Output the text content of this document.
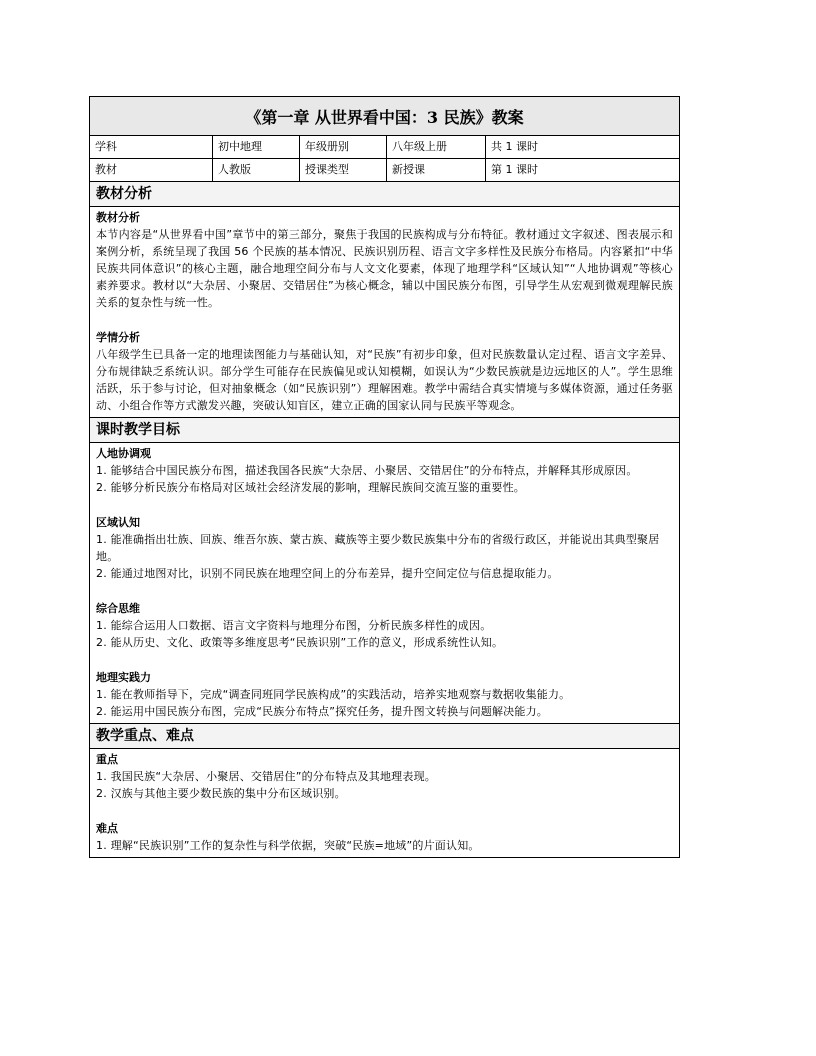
《第一章 从世界看中国：3 民族》教案
学科	初中地理	年级册别	八年级上册	共 1 课时
教材	人教版	授课类型	新授课	第 1 课时
教材分析
教材分析

本节内容是“从世界看中国”章节中的第三部分，聚焦于我国的民族构成与分布特征。教材通过文字叙述、图表展示和案例分析，系统呈现了我国 56 个民族的基本情况、民族识别历程、语言文字多样性及民族分布格局。内容紧扣“中华民族共同体意识”的核心主题，融合地理空间分布与人文文化要素，体现了地理学科“区域认知”“人地协调观”等核心素养要求。教材以“大杂居、小聚居、交错居住”为核心概念，辅以中国民族分布图，引导学生从宏观到微观理解民族关系的复杂性与统一性。

学情分析

八年级学生已具备一定的地理读图能力与基础认知，对“民族”有初步印象，但对民族数量认定过程、语言文字差异、分布规律缺乏系统认识。部分学生可能存在民族偏见或认知模糊，如误认为“少数民族就是边远地区的人”。学生思维活跃，乐于参与讨论，但对抽象概念（如“民族识别”）理解困难。教学中需结合真实情境与多媒体资源，通过任务驱动、小组合作等方式激发兴趣，突破认知盲区，建立正确的国家认同与民族平等观念。

课时教学目标
人地协调观

1. 能够结合中国民族分布图，描述我国各民族“大杂居、小聚居、交错居住”的分布特点，并解释其形成原因。

2. 能够分析民族分布格局对区域社会经济发展的影响，理解民族间交流互鉴的重要性。

区域认知

1. 能准确指出壮族、回族、维吾尔族、蒙古族、藏族等主要少数民族集中分布的省级行政区，并能说出其典型聚居地。

2. 能通过地图对比，识别不同民族在地理空间上的分布差异，提升空间定位与信息提取能力。

综合思维

1. 能综合运用人口数据、语言文字资料与地理分布图，分析民族多样性的成因。

2. 能从历史、文化、政策等多维度思考“民族识别”工作的意义，形成系统性认知。

地理实践力

1. 能在教师指导下，完成“调查同班同学民族构成”的实践活动，培养实地观察与数据收集能力。

2. 能运用中国民族分布图，完成“民族分布特点”探究任务，提升图文转换与问题解决能力。

教学重点、难点
重点

1. 我国民族“大杂居、小聚居、交错居住”的分布特点及其地理表现。

2. 汉族与其他主要少数民族的集中分布区域识别。

难点

1. 理解“民族识别”工作的复杂性与科学依据，突破“民族=地域”的片面认知。
